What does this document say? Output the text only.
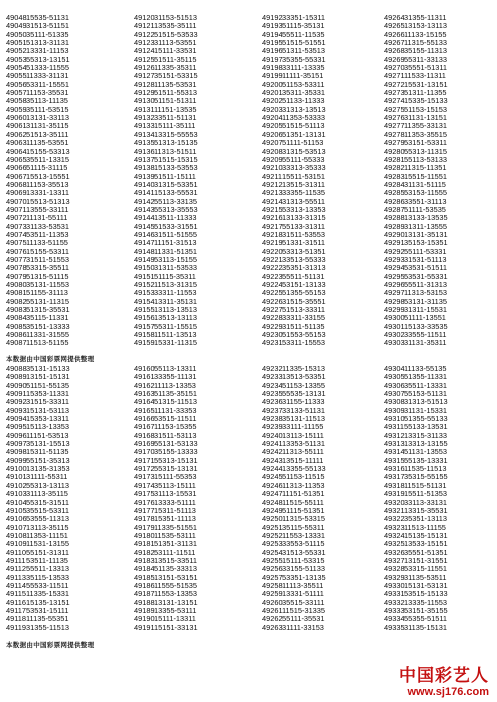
49048 15535-51131
49049 31513-51151
49050 35111-51335
49051 51313-31131
49052 13331-11153
49053 55313-13151
49054 51333-11555
49055 11333-31131
49056 53311-15551
49057 11153-35531
49058 35113-11135
49059 35111-53515
49060 13131-33113
49061 31131-35115
49062 51513-35111
49063 11135-53551
49064 15155-53313
49065 35511-13315
49066 51115-31115
49067 15513-15551
49068 11153-35513
49069 13331-13311
49070 15513-51313
49071 13555-33111
49072 11131-55111
49073 31133-53531
49074 53511-11353
49075 11133-51155
49076 15155-53311
49077 31511-51553
49078 53315-35511
49079 51315-51115
49080 35131-11553
49081 51155-31113
49082 55131-11315
49083 51315-35531
49084 35115-11331
49085 35151-13333
49086 11331-31555
49087 11513-51155
49120 31153-51513
49121 13535-35111
49122 51515-53533
49123 31113-53551
49124 15111-33531
49125 51511-35115
49126 11335-35311
49127 35151-53315
49128 11135-53531
49129 51511-55313
49130 51151-51311
49131 11151-13535
49132 33511-51131
49133 15111-35111
49134 13315-55553
49135 51313-15135
49136 11313-51511
49137 51515-15315
49138 15133-53553
49139 51511-15111
49140 31315-53351
49141 15133-55531
49142 55113-33135
49143 55313-35553
49144 13511-11333
49145 51533-31551
49146 31511-51555
49147 11151-31513
49148 11331-51351
49149 53113-15155
49150 31311-53533
49151 51115-35311
49152 11513-31315
49153 33311-11553
49154 13311-35131
49155 13113-13513
49156 13513-13113
49157 55311-15515
49158 11511-13513
49159 15331-11315
49192 33351-15311
49193 51115-35131
49194 55511-11535
49195 51515-51551
49196 51311-53513
49197 35355-55331
49198 33111-13335
49199 11111-35151
49200 51153-53311
49201 35311-35331
49202 51133-11333
49203 31313-13513
49204 11353-53333
49205 51515-51113
49206 51351-13131
49207 51111-51153
49208 31315-53513
49209 55111-55333
49210 33313-35333
49211 15511-53151
49212 13515-31311
49213 33355-11535
49214 31313-55511
49215 53313-13353
49216 13133-31315
49217 55133-31311
49218 31511-53553
49219 51331-31511
49220 53313-51351
49221 33513-55333
49222 35351-31313
49223 55511-51131
49224 53151-13133
49225 51355-55153
49226 31515-35551
49227 51513-33311
49228 33311-33155
49229 31511-51135
49230 51553-55153
49231 53311-15553
49264 31355-11311
49265 13153-13113
49266 11133-15155
49267 11315-55133
49268 35155-11313
49269 55311-33133
49270 35551-51311
49271 11533-11311
49272 15531-13151
49273 51311-11355
49274 15335-15133
49275 51153-15153
49276 31131-13151
49277 11355-33131
49278 11353-35515
49279 53151-53311
49280 55313-11315
49281 55113-53133
49282 11315-11351
49283 15515-11551
49284 31131-51115
49285 53153-11555
49286 33551-31113
49287 51111-53535
49288 13133-13535
49289 31311-13555
49290 13131-35131
49291 35153-15351
49292 55111-53331
49293 31531-51113
49294 53531-51511
49295 53531-55331
49296 55511-31313
49297 11313-53153
49298 53131-31135
49299 31311-15531
49300 51111-13551
49301 15133-33535
49302 33555-11511
49303 31131-35311
本数据由中国彩票网提供整理
49088 35131-15133
49089 13151-15131
49090 51151-55135
49091 15353-11331
49092 31515-33311
49093 15131-53113
49094 15353-13311
49095 15113-13353
49096 11151-53513
49097 35131-15513
49098 15311-51135
49099 55151-35313
49100 13135-31353
49101 31111-55311
49102 55313-13113
49103 31113-35115
49104 55315-31511
49105 35515-53311
49106 53555-11313
49107 13113-35115
49108 11353-11151
49109 11531-13155
49110 55151-31311
49111 53511-11135
49112 55511-13313
49113 35115-13533
49114 55533-11511
49115 11335-15331
49116 15135-13151
49117 53531-15111
49118 11135-55351
49119 31355-11513
49160 55113-13311
49161 33355-11131
49162 11113-13353
49163 51135-35151
49164 51315-11513
49165 11131-33353
49166 53515-11511
49167 11153-15355
49168 31511-53113
49169 55131-53133
49170 35155-13333
49171 55313-15131
49172 55315-13131
49173 15111-55353
49174 35113-15111
49175 31113-15531
49176 13333-51111
49177 15311-51113
49178 15351-11113
49179 11335-51551
49180 11535-53111
49181 51351-31131
49182 53111-11511
49183 13515-33511
49184 51135-33313
49185 13151-53151
49186 11555-51535
49187 11553-13353
49188 13131-13151
49189 13355-53111
49190 15111-13311
49191 15151-33131
49232 11335-15313
49233 13513-53351
49234 51153-13355
49235 55535-13131
49236 31155-11333
49237 33133-51131
49238 35131-11513
49239 33111-11155
49240 13113-15111
49241 13353-51131
49242 11313-55111
49243 13515-11111
49244 13355-55133
49245 51153-11515
49246 11313-11353
49247 11151-51351
49248 11515-55111
49249 51115-51351
49250 11315-53315
49251 35115-55311
49252 11553-13331
49253 33553-51115
49254 31513-55331
49255 15111-53315
49256 33155-51133
49257 53351-13135
49258 11113-35511
49259 13331-51111
49260 35515-33111
49261 11515-31335
49262 55111-35531
49263 31111-33153
49304 11133-55135
49305 51355-11331
49306 35511-13331
49307 55153-51131
49308 31313-51513
49309 31131-15331
49310 51355-55133
49311 55133-13531
49312 13315-31133
49313 13313-13155
49314 51131-13553
49315 55135-13331
49316 11535-11513
49317 35315-55155
49318 11515-51131
49319 15511-51353
49320 33113-33131
49321 13315-35531
49322 35351-13113
49323 11513-11155
49324 15135-15131
49325 13533-15151
49326 35551-51351
49327 13151-31551
49328 53315-11551
49329 31135-53511
49330 15131-53131
49331 53515-15133
49332 13335-11553
49333 53151-35155
49334 55355-51511
49335 31135-15131
本数据由中国彩票网提供整理
中国彩艺人
www.sj176.com
